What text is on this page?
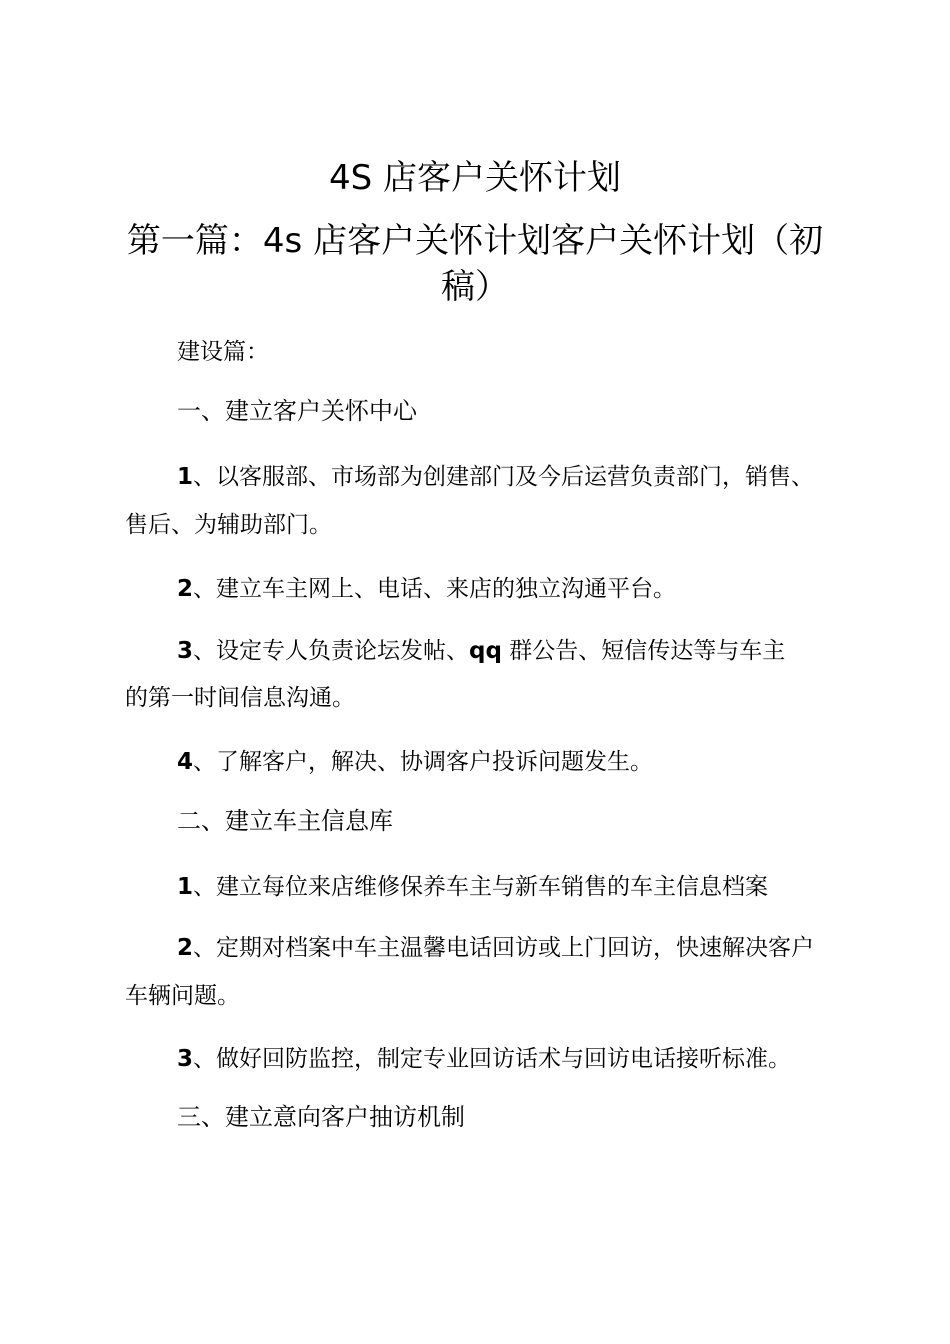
4S 店客户关怀计划
第一篇：4s 店客户关怀计划客户关怀计划（初稿）

建设篇：

一、建立客户关怀中心

1、以客服部、市场部为创建部门及今后运营负责部门，销售、

售后、为辅助部门。

2、建立车主网上、电话、来店的独立沟通平台。

3、设定专人负责论坛发帖、qq 群公告、短信传达等与车主

的第一时间信息沟通。

4、了解客户，解决、协调客户投诉问题发生。

二、建立车主信息库

1、建立每位来店维修保养车主与新车销售的车主信息档案

2、定期对档案中车主温馨电话回访或上门回访，快速解决客户

车辆问题。

3、做好回防监控，制定专业回访话术与回访电话接听标准。

三、建立意向客户抽访机制
